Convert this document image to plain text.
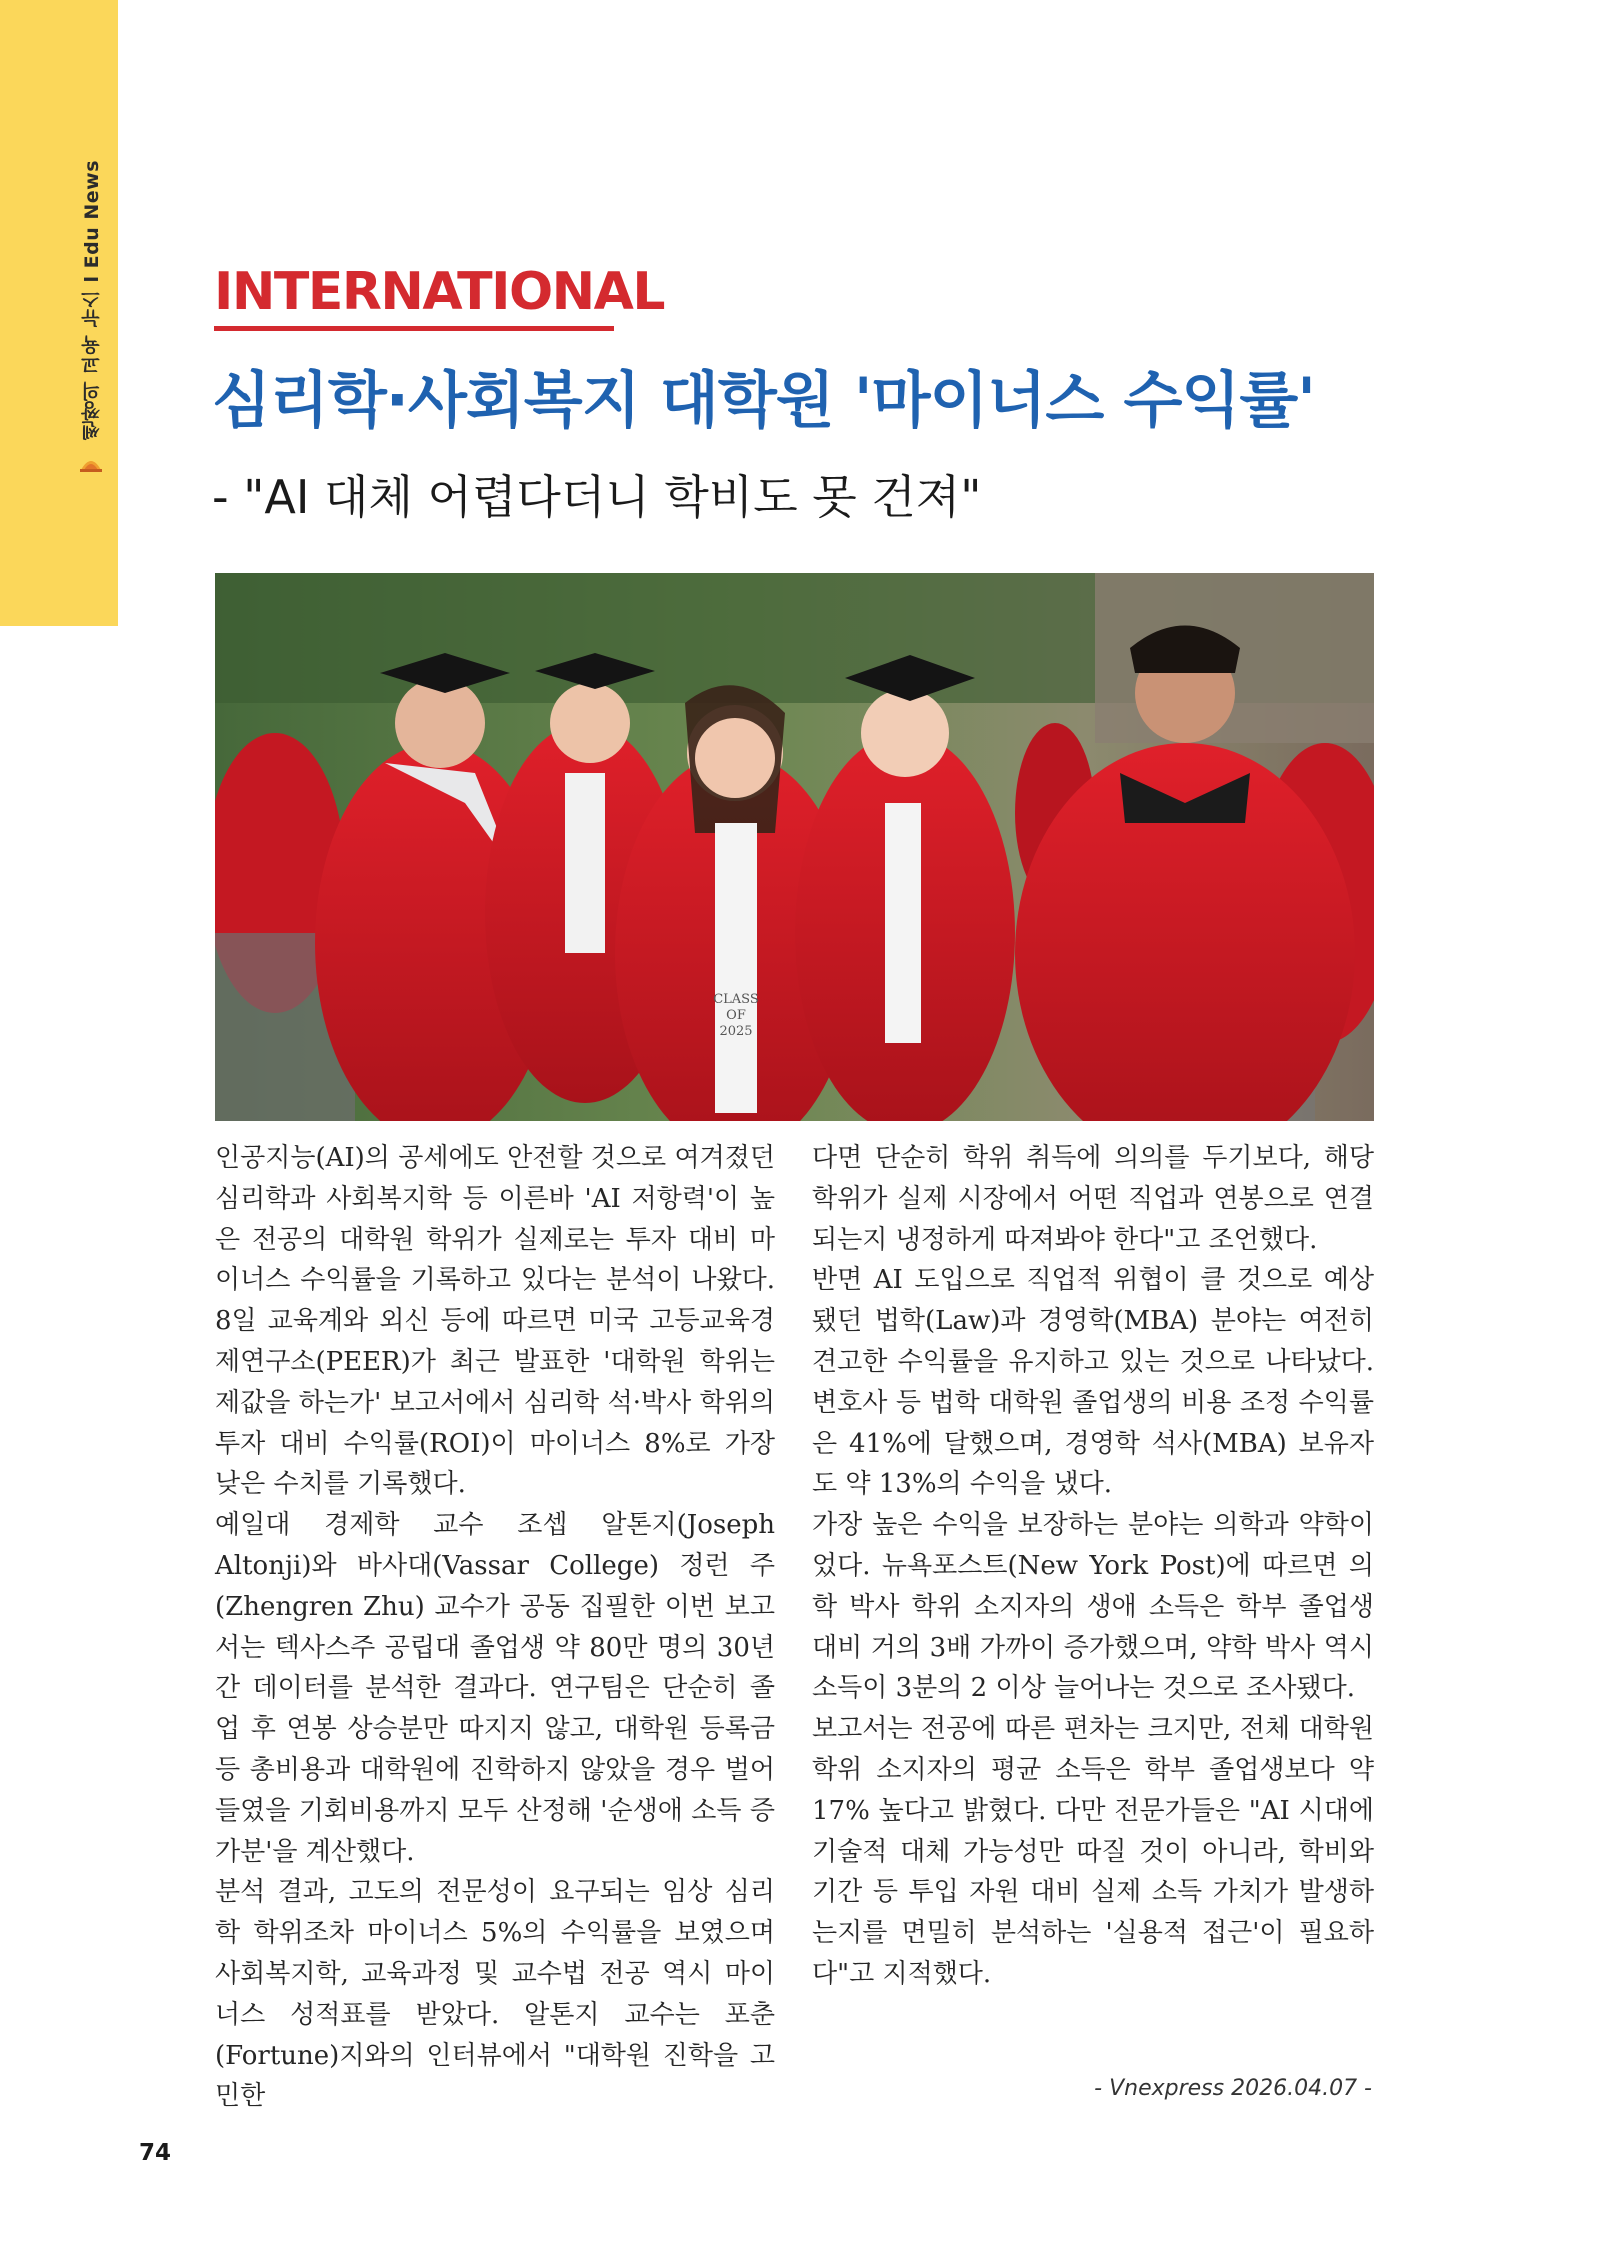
쎈짱의 교육 뉴스 l Edu News INTERNATIONAL
심리학·사회복지 대학원 '마이너스 수익률'
- "AI 대체 어렵다더니 학비도 못 건져"
CLASS
OF
2025

인공지능(AI)의 공세에도 안전할 것으로 여겨졌던 심리학과 사회복지학 등 이른바 'AI 저항력'이 높은 전공의 대학원 학위가 실제로는 투자 대비 마이너스 수익률을 기록하고 있다는 분석이 나왔다. 8일 교육계와 외신 등에 따르면 미국 고등교육경제연구소(PEER)가 최근 발표한 '대학원 학위는 제값을 하는가' 보고서에서 심리학 석·박사 학위의 투자 대비 수익률(ROI)이 마이너스 8%로 가장 낮은 수치를 기록했다.

예일대 경제학 교수 조셉 알톤지(Joseph Altonji)와 바사대(Vassar College) 정런 주(Zhengren Zhu) 교수가 공동 집필한 이번 보고서는 텍사스주 공립대 졸업생 약 80만 명의 30년간 데이터를 분석한 결과다. 연구팀은 단순히 졸업 후 연봉 상승분만 따지지 않고, 대학원 등록금 등 총비용과 대학원에 진학하지 않았을 경우 벌어들였을 기회비용까지 모두 산정해 '순생애 소득 증가분'을 계산했다.

분석 결과, 고도의 전문성이 요구되는 임상 심리학 학위조차 마이너스 5%의 수익률을 보였으며 사회복지학, 교육과정 및 교수법 전공 역시 마이너스 성적표를 받았다. 알톤지 교수는 포춘(Fortune)지와의 인터뷰에서 "대학원 진학을 고민한

다면 단순히 학위 취득에 의의를 두기보다, 해당 학위가 실제 시장에서 어떤 직업과 연봉으로 연결되는지 냉정하게 따져봐야 한다"고 조언했다.

반면 AI 도입으로 직업적 위협이 클 것으로 예상됐던 법학(Law)과 경영학(MBA) 분야는 여전히 견고한 수익률을 유지하고 있는 것으로 나타났다. 변호사 등 법학 대학원 졸업생의 비용 조정 수익률은 41%에 달했으며, 경영학 석사(MBA) 보유자도 약 13%의 수익을 냈다.

가장 높은 수익을 보장하는 분야는 의학과 약학이었다. 뉴욕포스트(New York Post)에 따르면 의학 박사 학위 소지자의 생애 소득은 학부 졸업생 대비 거의 3배 가까이 증가했으며, 약학 박사 역시 소득이 3분의 2 이상 늘어나는 것으로 조사됐다.

보고서는 전공에 따른 편차는 크지만, 전체 대학원 학위 소지자의 평균 소득은 학부 졸업생보다 약 17% 높다고 밝혔다. 다만 전문가들은 "AI 시대에 기술적 대체 가능성만 따질 것이 아니라, 학비와 기간 등 투입 자원 대비 실제 소득 가치가 발생하는지를 면밀히 분석하는 '실용적 접근'이 필요하다"고 지적했다.

- Vnexpress 2026.04.07 -
74
